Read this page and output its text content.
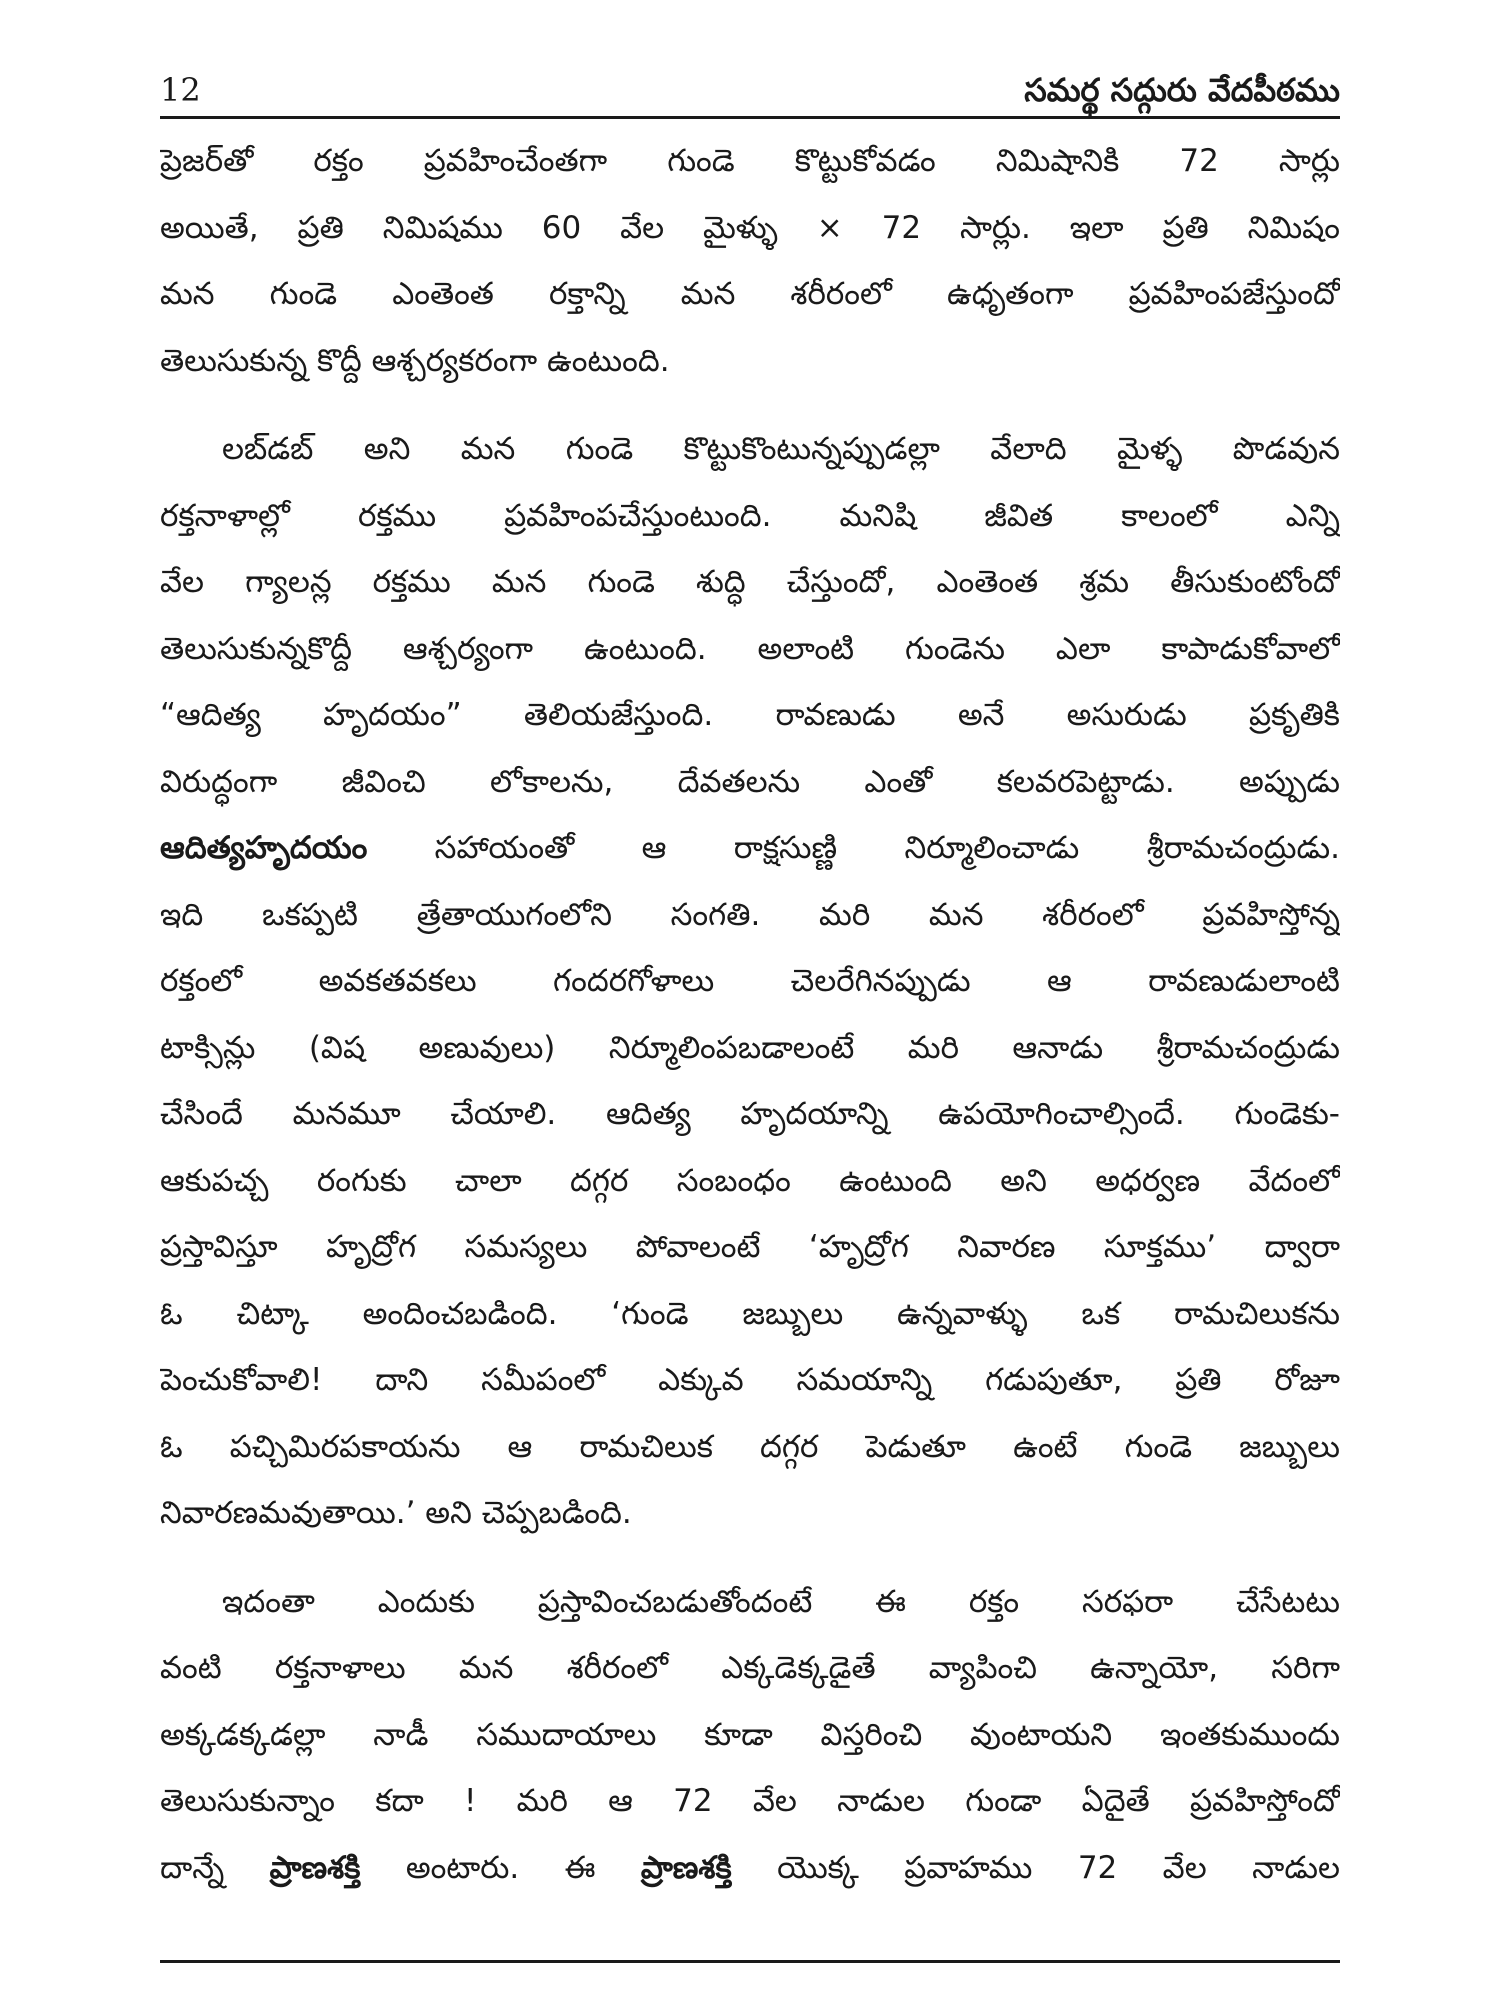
12	సమర్థ సద్గురు వేదపీఠము
ప్రెజర్‌తో రక్తం ప్రవహించేంతగా గుండె కొట్టుకోవడం నిమిషానికి 72 సార్లు
అయితే, ప్రతి నిమిషము 60 వేల మైళ్ళు × 72 సార్లు. ఇలా ప్రతి నిమిషం
మన గుండె ఎంతెంత రక్తాన్ని మన శరీరంలో ఉధృతంగా ప్రవహింపజేస్తుందో
తెలుసుకున్న కొద్దీ ఆశ్చర్యకరంగా ఉంటుంది.
లబ్‌డబ్ అని మన గుండె కొట్టుకొంటున్నప్పుడల్లా వేలాది మైళ్ళ పొడవున
రక్తనాళాల్లో రక్తము ప్రవహింపచేస్తుంటుంది. మనిషి జీవిత కాలంలో ఎన్ని
వేల గ్యాలన్ల రక్తము మన గుండె శుద్ధి చేస్తుందో, ఎంతెంత శ్రమ తీసుకుంటోందో
తెలుసుకున్నకొద్దీ ఆశ్చర్యంగా ఉంటుంది. అలాంటి గుండెను ఎలా కాపాడుకోవాలో
“ఆదిత్య హృదయం” తెలియజేస్తుంది. రావణుడు అనే అసురుడు ప్రకృతికి
విరుద్ధంగా జీవించి లోకాలను, దేవతలను ఎంతో కలవరపెట్టాడు. అప్పుడు
ఆదిత్యహృదయం సహాయంతో ఆ రాక్షసుణ్ణి నిర్మూలించాడు శ్రీరామచంద్రుడు.
ఇది ఒకప్పటి త్రేతాయుగంలోని సంగతి. మరి మన శరీరంలో ప్రవహిస్తోన్న
రక్తంలో అవకతవకలు గందరగోళాలు చెలరేగినప్పుడు ఆ రావణుడులాంటి
టాక్సిన్లు (విష అణువులు) నిర్మూలింపబడాలంటే మరి ఆనాడు శ్రీరామచంద్రుడు
చేసిందే మనమూ చేయాలి. ఆదిత్య హృదయాన్ని ఉపయోగించాల్సిందే. గుండెకు-
ఆకుపచ్చ రంగుకు చాలా దగ్గర సంబంధం ఉంటుంది అని అధర్వణ వేదంలో
ప్రస్తావిస్తూ హృద్రోగ సమస్యలు పోవాలంటే ‘హృద్రోగ నివారణ సూక్తము’ ద్వారా
ఓ చిట్కా అందించబడింది. ‘గుండె జబ్బులు ఉన్నవాళ్ళు ఒక రామచిలుకను
పెంచుకోవాలి! దాని సమీపంలో ఎక్కువ సమయాన్ని గడుపుతూ, ప్రతి రోజూ
ఓ పచ్చిమిరపకాయను ఆ రామచిలుక దగ్గర పెడుతూ ఉంటే గుండె జబ్బులు
నివారణమవుతాయి.’ అని చెప్పబడింది.
ఇదంతా ఎందుకు ప్రస్తావించబడుతోందంటే ఈ రక్తం సరఫరా చేసేటటు
వంటి రక్తనాళాలు మన శరీరంలో ఎక్కడెక్కడైతే వ్యాపించి ఉన్నాయో, సరిగా
అక్కడక్కడల్లా నాడీ సముదాయాలు కూడా విస్తరించి వుంటాయని ఇంతకుముందు
తెలుసుకున్నాం కదా ! మరి ఆ 72 వేల నాడుల గుండా ఏదైతే ప్రవహిస్తోందో
దాన్నే ప్రాణశక్తి అంటారు. ఈ ప్రాణశక్తి యొక్క ప్రవాహము 72 వేల నాడుల
